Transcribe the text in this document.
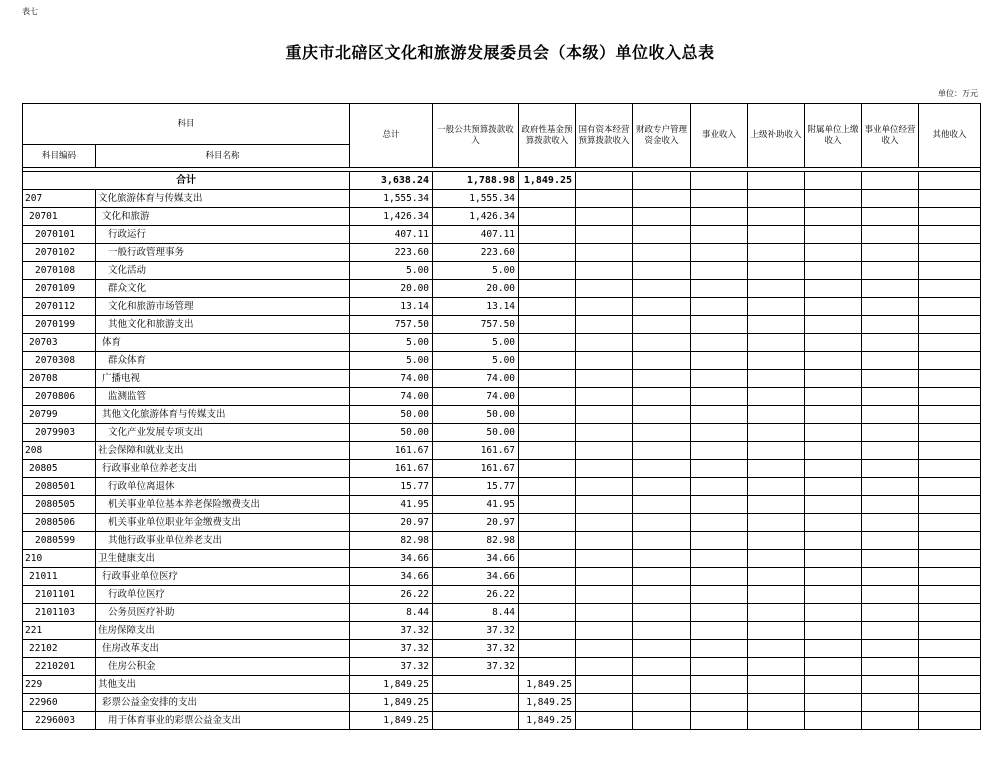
表七
重庆市北碚区文化和旅游发展委员会（本级）单位收入总表
单位：万元
科目		总计	一般公共预算拨款收入	政府性基金预算拨款收入	国有资本经营预算拨款收入	财政专户管理资金收入	事业收入	上级补助收入	附属单位上缴收入	事业单位经营收入	其他收入
科目编码	科目名称										

合计		3,638.24	1,788.98	1,849.25							
207	文化旅游体育与传媒支出	1,555.34	1,555.34								
20701	文化和旅游	1,426.34	1,426.34								
2070101	行政运行	407.11	407.11								
2070102	一般行政管理事务	223.60	223.60								
2070108	文化活动	5.00	5.00								
2070109	群众文化	20.00	20.00								
2070112	文化和旅游市场管理	13.14	13.14								
2070199	其他文化和旅游支出	757.50	757.50								
20703	体育	5.00	5.00								
2070308	群众体育	5.00	5.00								
20708	广播电视	74.00	74.00								
2070806	监测监管	74.00	74.00								
20799	其他文化旅游体育与传媒支出	50.00	50.00								
2079903	文化产业发展专项支出	50.00	50.00								
208	社会保障和就业支出	161.67	161.67								
20805	行政事业单位养老支出	161.67	161.67								
2080501	行政单位离退休	15.77	15.77								
2080505	机关事业单位基本养老保险缴费支出	41.95	41.95								
2080506	机关事业单位职业年金缴费支出	20.97	20.97								
2080599	其他行政事业单位养老支出	82.98	82.98								
210	卫生健康支出	34.66	34.66								
21011	行政事业单位医疗	34.66	34.66								
2101101	行政单位医疗	26.22	26.22								
2101103	公务员医疗补助	8.44	8.44								
221	住房保障支出	37.32	37.32								
22102	住房改革支出	37.32	37.32								
2210201	住房公积金	37.32	37.32								
229	其他支出	1,849.25		1,849.25							
22960	彩票公益金安排的支出	1,849.25		1,849.25							
2296003	用于体育事业的彩票公益金支出	1,849.25		1,849.25							
